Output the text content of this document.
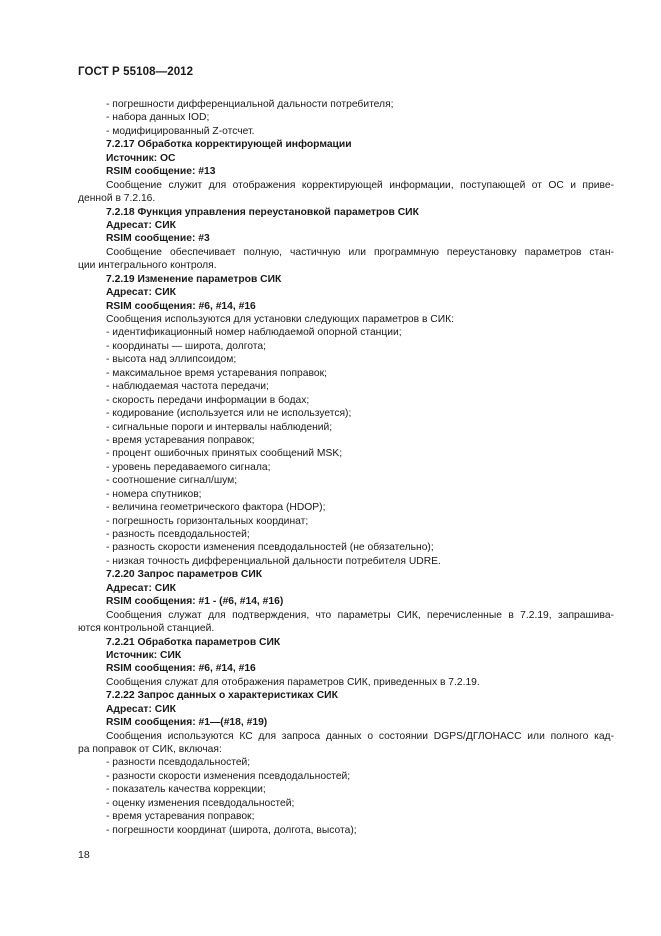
ГОСТ Р 55108—2012
- погрешности дифференциальной дальности потребителя;
- набора данных IOD;
- модифицированный Z-отсчет.
7.2.17 Обработка корректирующей информации
Источник: ОС
RSIM сообщение: #13
Сообщение служит для отображения корректирующей информации, поступающей от ОС и приве-
денной в 7.2.16.
7.2.18 Функция управления переустановкой параметров СИК
Адресат: СИК
RSIM сообщение: #3
Сообщение обеспечивает полную, частичную или программную переустановку параметров стан-
ции интегрального контроля.
7.2.19 Изменение параметров СИК
Адресат: СИК
RSIM сообщения: #6, #14, #16
Сообщения используются для установки следующих параметров в СИК:
- идентификационный номер наблюдаемой опорной станции;
- координаты — широта, долгота;
- высота над эллипсоидом;
- максимальное время устаревания поправок;
- наблюдаемая частота передачи;
- скорость передачи информации в бодах;
- кодирование (используется или не используется);
- сигнальные пороги и интервалы наблюдений;
- время устаревания поправок;
- процент ошибочных принятых сообщений MSK;
- уровень передаваемого сигнала;
- соотношение сигнал/шум;
- номера спутников;
- величина геометрического фактора (HDOP);
- погрешность горизонтальных координат;
- разность псевдодальностей;
- разность скорости изменения псевдодальностей (не обязательно);
- низкая точность дифференциальной дальности потребителя UDRE.
7.2.20 Запрос параметров СИК
Адресат: СИК
RSIM сообщения: #1 - (#6, #14, #16)
Сообщения служат для подтверждения, что параметры СИК, перечисленные в 7.2.19, запрашива-
ются контрольной станцией.
7.2.21 Обработка параметров СИК
Источник: СИК
RSIM сообщения: #6, #14, #16
Сообщения служат для отображения параметров СИК, приведенных в 7.2.19.
7.2.22 Запрос данных о характеристиках СИК
Адресат: СИК
RSIM сообщения: #1—(#18, #19)
Сообщения используются КС для запроса данных о состоянии DGPS/ДГЛОНАСС или полного кад-
ра поправок от СИК, включая:
- разности псевдодальностей;
- разности скорости изменения псевдодальностей;
- показатель качества коррекции;
- оценку изменения псевдодальностей;
- время устаревания поправок;
- погрешности координат (широта, долгота, высота);
18
